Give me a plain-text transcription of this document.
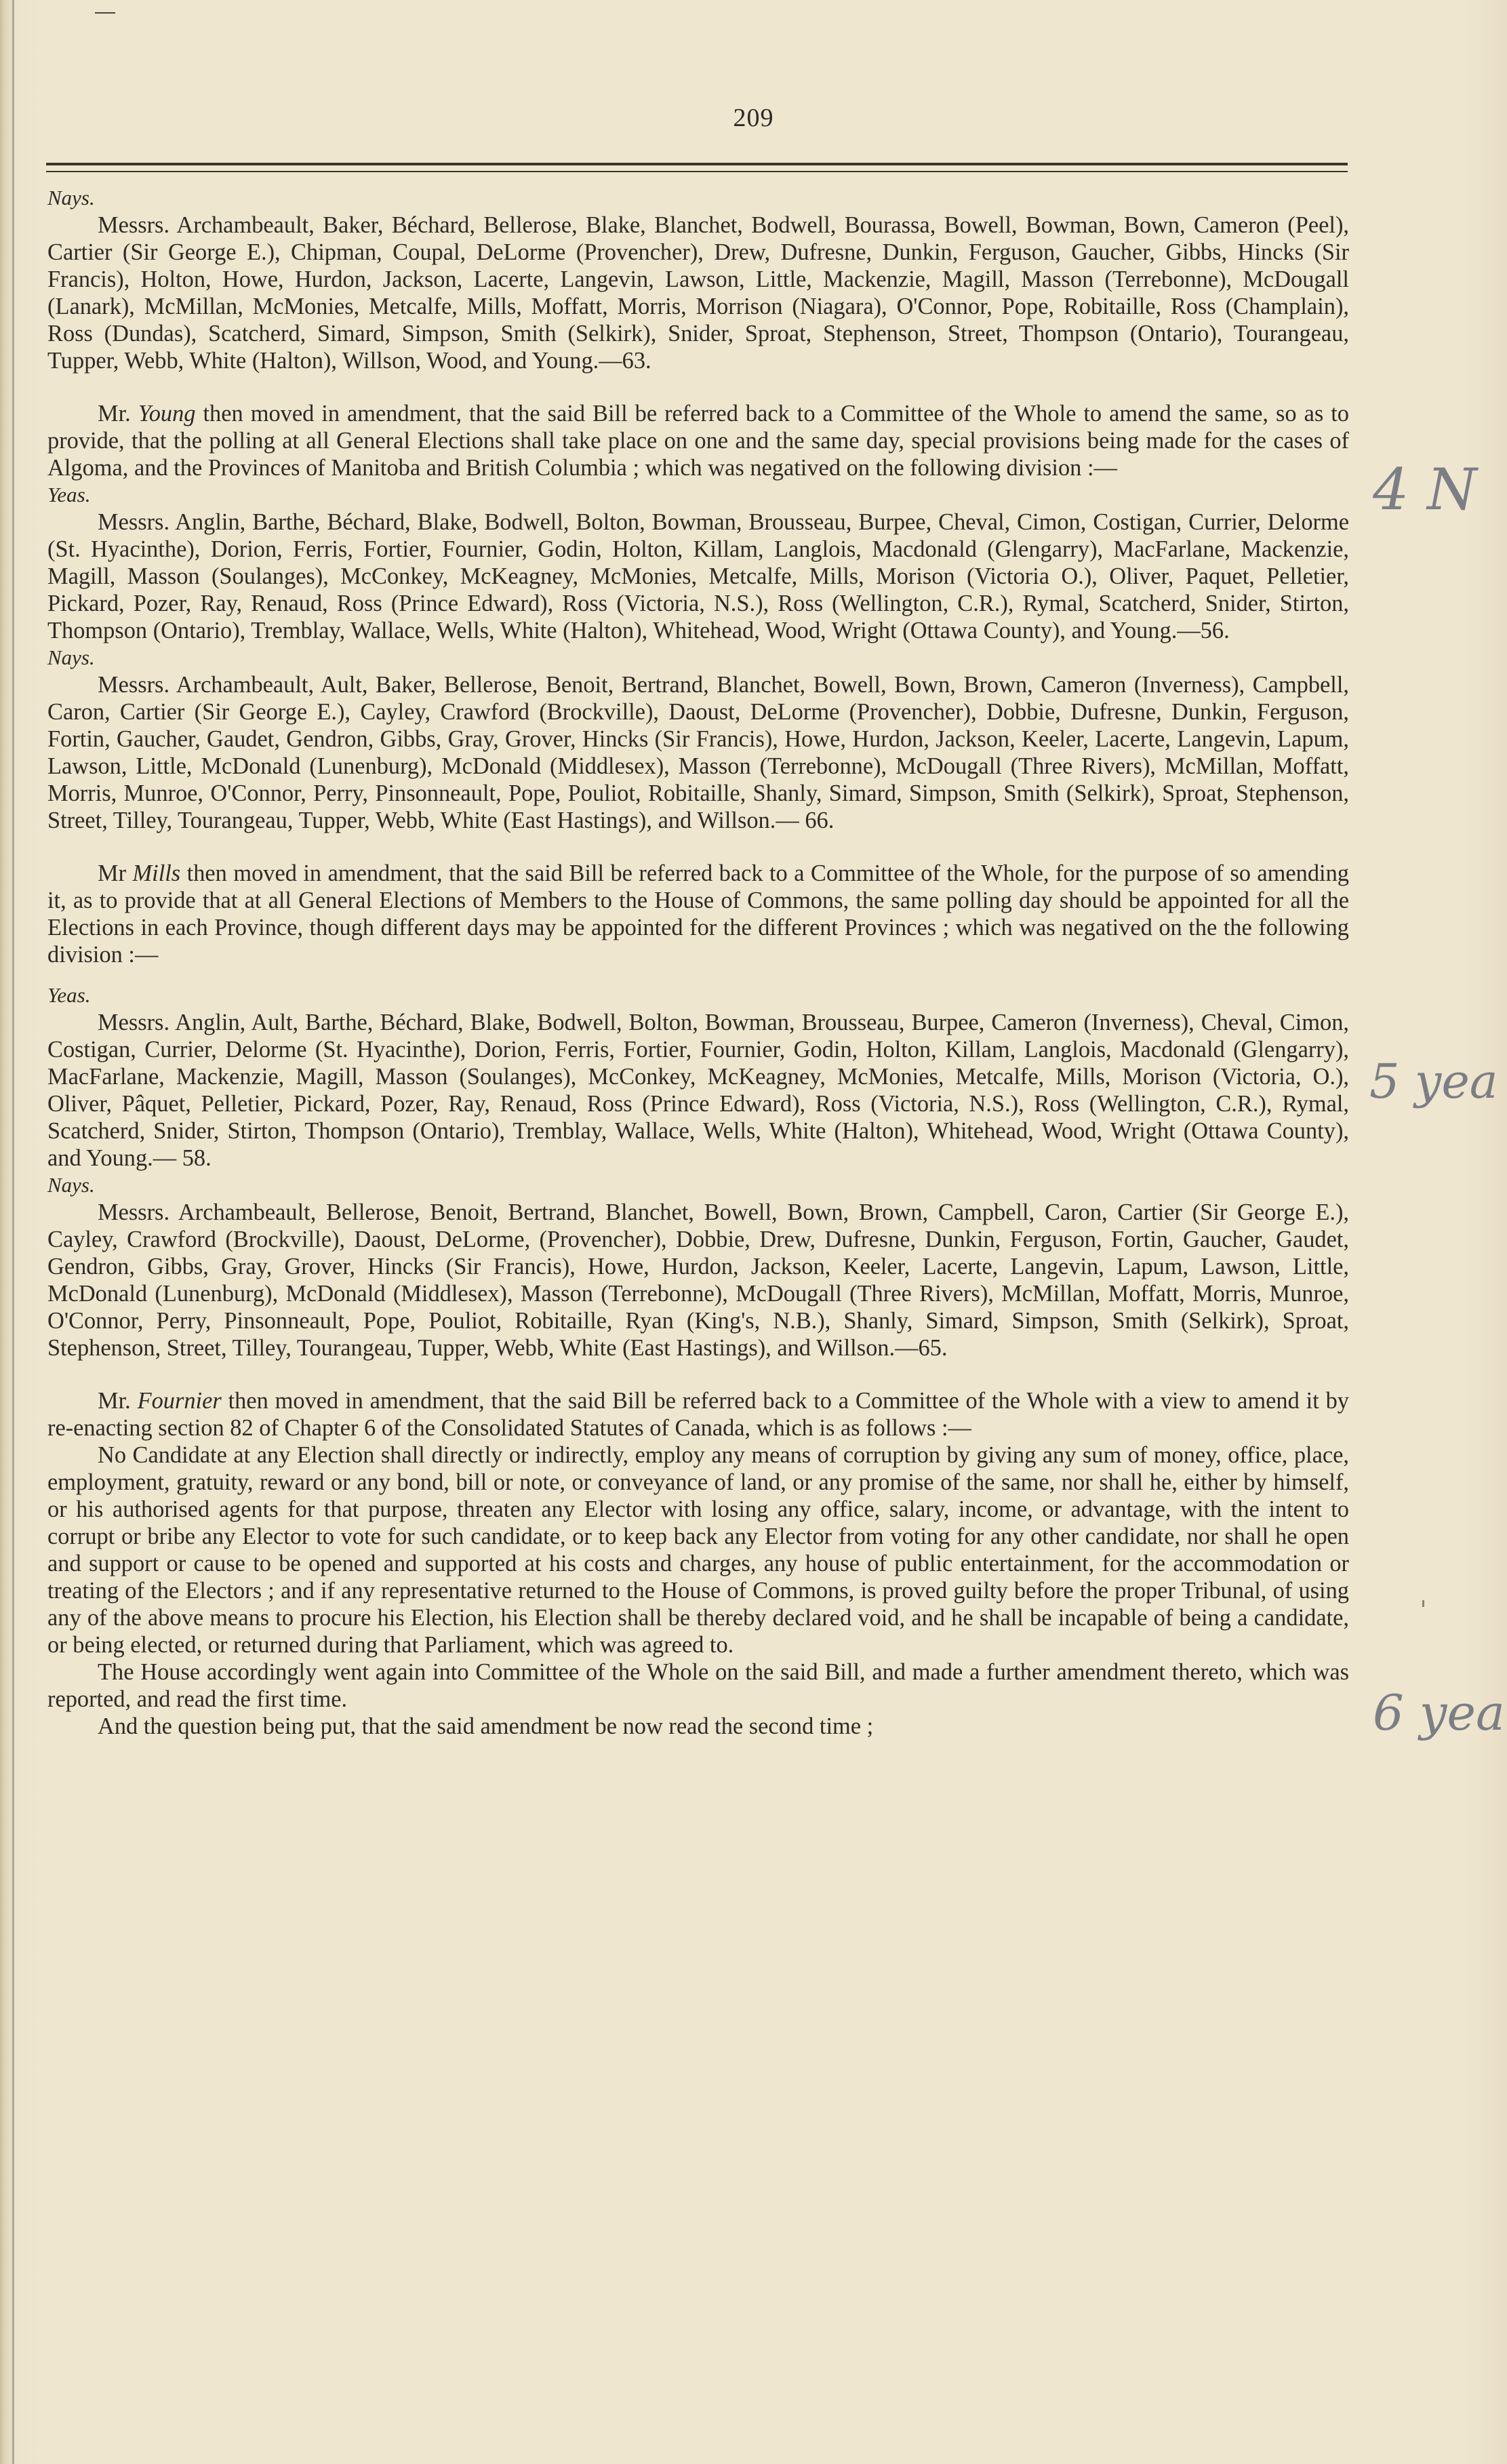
209

Nays.

Messrs. Archambeault, Baker, Béchard, Bellerose, Blake, Blanchet, Bodwell, Bourassa, Bowell, Bowman, Bown, Cameron (Peel), Cartier (Sir George E.), Chipman, Coupal, DeLorme (Provencher), Drew, Dufresne, Dunkin, Ferguson, Gaucher, Gibbs, Hincks (Sir Francis), Holton, Howe, Hurdon, Jackson, Lacerte, Langevin, Lawson, Little, Mackenzie, Magill, Masson (Terrebonne), McDougall (Lanark), McMillan, McMonies, Metcalfe, Mills, Moffatt, Morris, Morrison (Niagara), O'Connor, Pope, Robitaille, Ross (Champlain), Ross (Dundas), Scatcherd, Simard, Simpson, Smith (Selkirk), Snider, Sproat, Stephenson, Street, Thompson (Ontario), Tourangeau, Tupper, Webb, White (Halton), Willson, Wood, and Young.—63.

Mr. Young then moved in amendment, that the said Bill be referred back to a Committee of the Whole to amend the same, so as to provide, that the polling at all General Elections shall take place on one and the same day, special provisions being made for the cases of Algoma, and the Provinces of Manitoba and British Columbia ; which was negatived on the following division :—

Yeas.

Messrs. Anglin, Barthe, Béchard, Blake, Bodwell, Bolton, Bowman, Brousseau, Burpee, Cheval, Cimon, Costigan, Currier, Delorme (St. Hyacinthe), Dorion, Ferris, Fortier, Fournier, Godin, Holton, Killam, Langlois, Macdonald (Glengarry), MacFarlane, Mackenzie, Magill, Masson (Soulanges), McConkey, McKeagney, McMonies, Metcalfe, Mills, Morison (Victoria O.), Oliver, Paquet, Pelletier, Pickard, Pozer, Ray, Renaud, Ross (Prince Edward), Ross (Victoria, N.S.), Ross (Wellington, C.R.), Rymal, Scatcherd, Snider, Stirton, Thompson (Ontario), Tremblay, Wallace, Wells, White (Halton), Whitehead, Wood, Wright (Ottawa County), and Young.—56.

Nays.

Messrs. Archambeault, Ault, Baker, Bellerose, Benoit, Bertrand, Blanchet, Bowell, Bown, Brown, Cameron (Inverness), Campbell, Caron, Cartier (Sir George E.), Cayley, Crawford (Brockville), Daoust, DeLorme (Provencher), Dobbie, Dufresne, Dunkin, Ferguson, Fortin, Gaucher, Gaudet, Gendron, Gibbs, Gray, Grover, Hincks (Sir Francis), Howe, Hurdon, Jackson, Keeler, Lacerte, Langevin, Lapum, Lawson, Little, McDonald (Lunenburg), McDonald (Middlesex), Masson (Terrebonne), McDougall (Three Rivers), McMillan, Moffatt, Morris, Munroe, O'Connor, Perry, Pinsonneault, Pope, Pouliot, Robitaille, Shanly, Simard, Simpson, Smith (Selkirk), Sproat, Stephenson, Street, Tilley, Tourangeau, Tupper, Webb, White (East Hastings), and Willson.— 66.

Mr Mills then moved in amendment, that the said Bill be referred back to a Committee of the Whole, for the purpose of so amending it, as to provide that at all General Elections of Members to the House of Commons, the same polling day should be appointed for all the Elections in each Province, though different days may be appointed for the different Provinces ; which was negatived on the the following division :—

Yeas.

Messrs. Anglin, Ault, Barthe, Béchard, Blake, Bodwell, Bolton, Bowman, Brousseau, Burpee, Cameron (Inverness), Cheval, Cimon, Costigan, Currier, Delorme (St. Hyacinthe), Dorion, Ferris, Fortier, Fournier, Godin, Holton, Killam, Langlois, Macdonald (Glengarry), MacFarlane, Mackenzie, Magill, Masson (Soulanges), McConkey, McKeagney, McMonies, Metcalfe, Mills, Morison (Victoria, O.), Oliver, Pâquet, Pelletier, Pickard, Pozer, Ray, Renaud, Ross (Prince Edward), Ross (Victoria, N.S.), Ross (Wellington, C.R.), Rymal, Scatcherd, Snider, Stirton, Thompson (Ontario), Tremblay, Wallace, Wells, White (Halton), Whitehead, Wood, Wright (Ottawa County), and Young.— 58.

Nays.

Messrs. Archambeault, Bellerose, Benoit, Bertrand, Blanchet, Bowell, Bown, Brown, Campbell, Caron, Cartier (Sir George E.), Cayley, Crawford (Brockville), Daoust, DeLorme, (Provencher), Dobbie, Drew, Dufresne, Dunkin, Ferguson, Fortin, Gaucher, Gaudet, Gendron, Gibbs, Gray, Grover, Hincks (Sir Francis), Howe, Hurdon, Jackson, Keeler, Lacerte, Langevin, Lapum, Lawson, Little, McDonald (Lunenburg), McDonald (Middlesex), Masson (Terrebonne), McDougall (Three Rivers), McMillan, Moffatt, Morris, Munroe, O'Connor, Perry, Pinsonneault, Pope, Pouliot, Robitaille, Ryan (King's, N.B.), Shanly, Simard, Simpson, Smith (Selkirk), Sproat, Stephenson, Street, Tilley, Tourangeau, Tupper, Webb, White (East Hastings), and Willson.—65.

Mr. Fournier then moved in amendment, that the said Bill be referred back to a Committee of the Whole with a view to amend it by re-enacting section 82 of Chapter 6 of the Consolidated Statutes of Canada, which is as follows :—

No Candidate at any Election shall directly or indirectly, employ any means of corruption by giving any sum of money, office, place, employment, gratuity, reward or any bond, bill or note, or conveyance of land, or any promise of the same, nor shall he, either by himself, or his authorised agents for that purpose, threaten any Elector with losing any office, salary, income, or advantage, with the intent to corrupt or bribe any Elector to vote for such candidate, or to keep back any Elector from voting for any other candidate, nor shall he open and support or cause to be opened and supported at his costs and charges, any house of public entertainment, for the accommodation or treating of the Electors ; and if any representative returned to the House of Commons, is proved guilty before the proper Tribunal, of using any of the above means to procure his Election, his Election shall be thereby declared void, and he shall be incapable of being a candidate, or being elected, or returned during that Parliament, which was agreed to.

The House accordingly went again into Committee of the Whole on the said Bill, and made a further amendment thereto, which was reported, and read the first time.

And the question being put, that the said amendment be now read the second time ;

4 N
5 yea
6 yea
